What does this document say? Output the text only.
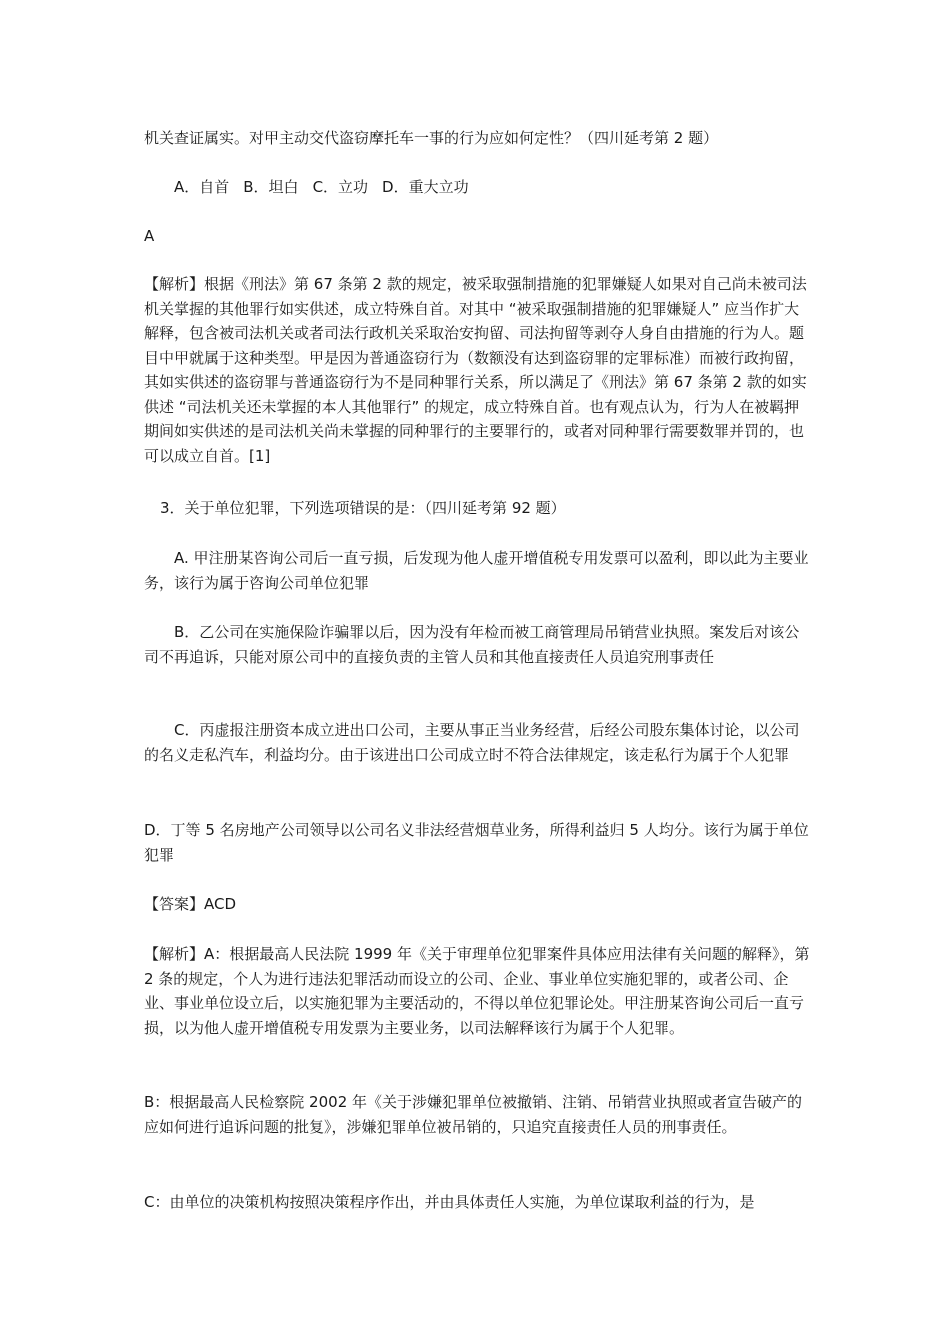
机关查证属实。对甲主动交代盗窃摩托车一事的行为应如何定性？（四川延考第 2 题）

A．自首 B．坦白 C．立功 D．重大立功

A

【解析】根据《刑法》第 67 条第 2 款的规定，被采取强制措施的犯罪嫌疑人如果对自己尚未被司法机关掌握的其他罪行如实供述，成立特殊自首。对其中 “被采取强制措施的犯罪嫌疑人” 应当作扩大解释，包含被司法机关或者司法行政机关采取治安拘留、司法拘留等剥夺人身自由措施的行为人。题目中甲就属于这种类型。甲是因为普通盗窃行为（数额没有达到盗窃罪的定罪标准）而被行政拘留，其如实供述的盗窃罪与普通盗窃行为不是同种罪行关系，所以满足了《刑法》第 67 条第 2 款的如实供述 “司法机关还未掌握的本人其他罪行” 的规定，成立特殊自首。也有观点认为，行为人在被羁押期间如实供述的是司法机关尚未掌握的同种罪行的主要罪行的，或者对同种罪行需要数罪并罚的，也可以成立自首。[1]

3．关于单位犯罪，下列选项错误的是：（四川延考第 92 题）

A. 甲注册某咨询公司后一直亏损，后发现为他人虚开增值税专用发票可以盈利，即以此为主要业务，该行为属于咨询公司单位犯罪

B．乙公司在实施保险诈骗罪以后，因为没有年检而被工商管理局吊销营业执照。案发后对该公司不再追诉，只能对原公司中的直接负责的主管人员和其他直接责任人员追究刑事责任

C．丙虚报注册资本成立进出口公司，主要从事正当业务经营，后经公司股东集体讨论，以公司的名义走私汽车，利益均分。由于该进出口公司成立时不符合法律规定，该走私行为属于个人犯罪

D．丁等 5 名房地产公司领导以公司名义非法经营烟草业务，所得利益归 5 人均分。该行为属于单位犯罪

【答案】ACD

【解析】A：根据最高人民法院 1999 年《关于审理单位犯罪案件具体应用法律有关问题的解释》，第 2 条的规定，个人为进行违法犯罪活动而设立的公司、企业、事业单位实施犯罪的，或者公司、企业、事业单位设立后，以实施犯罪为主要活动的，不得以单位犯罪论处。甲注册某咨询公司后一直亏损，以为他人虚开增值税专用发票为主要业务，以司法解释该行为属于个人犯罪。

B：根据最高人民检察院 2002 年《关于涉嫌犯罪单位被撤销、注销、吊销营业执照或者宣告破产的应如何进行追诉问题的批复》，涉嫌犯罪单位被吊销的，只追究直接责任人员的刑事责任。

C：由单位的决策机构按照决策程序作出，并由具体责任人实施，为单位谋取利益的行为，是
